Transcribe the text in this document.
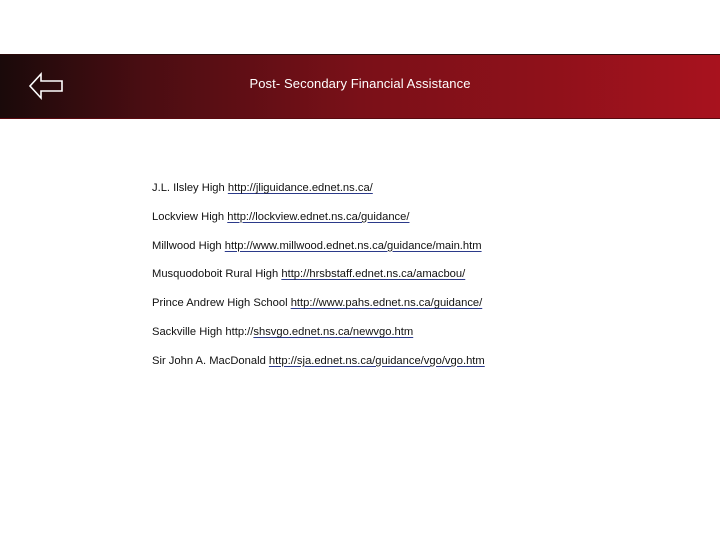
Post- Secondary Financial Assistance
J.L. Ilsley High http://jliguidance.ednet.ns.ca/
Lockview High http://lockview.ednet.ns.ca/guidance/
Millwood High http://www.millwood.ednet.ns.ca/guidance/main.htm
Musquodoboit Rural High http://hrsbstaff.ednet.ns.ca/amacbou/
Prince Andrew High School http://www.pahs.ednet.ns.ca/guidance/
Sackville High http://shsvgo.ednet.ns.ca/newvgo.htm
Sir John A. MacDonald http://sja.ednet.ns.ca/guidance/vgo/vgo.htm
